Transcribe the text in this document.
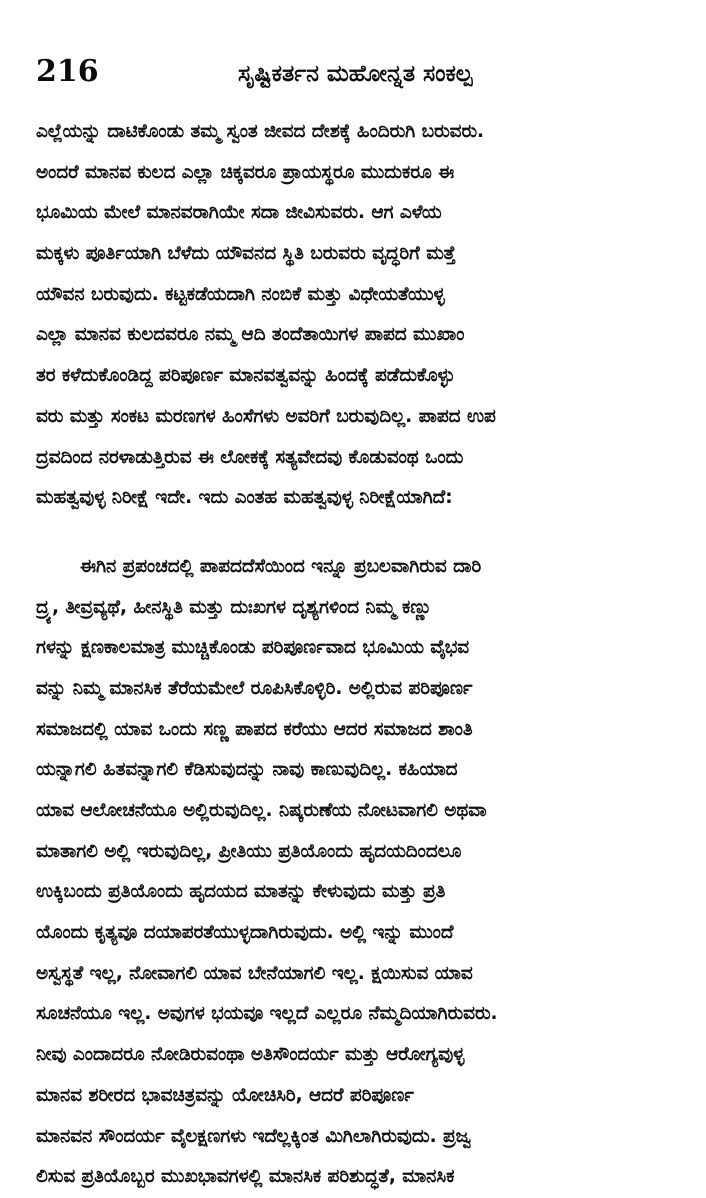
216	ಸೃಷ್ಟಿಕರ್ತನ ಮಹೋನ್ನತ ಸಂಕಲ್ಪ
ಎಲ್ಲೆಯನ್ನು ದಾಟಿಕೊಂಡು ತಮ್ಮ ಸ್ವಂತ ಜೀವದ ದೇಶಕ್ಕೆ ಹಿಂದಿರುಗಿ ಬರುವರು.
ಅಂದರೆ ಮಾನವ ಕುಲದ ಎಲ್ಲಾ ಚಿಕ್ಕವರೂ ಪ್ರಾಯಸ್ಥರೂ ಮುದುಕರೂ ಈ
ಭೂಮಿಯ ಮೇಲೆ ಮಾನವರಾಗಿಯೇ ಸದಾ ಜೀವಿಸುವರು. ಆಗ ಎಳೆಯ
ಮಕ್ಕಳು ಪೂರ್ತಿಯಾಗಿ ಬೆಳೆದು ಯೌವನದ ಸ್ಥಿತಿ ಬರುವರು ವೃದ್ಧರಿಗೆ ಮತ್ತೆ
ಯೌವನ ಬರುವುದು. ಕಟ್ಟಕಡೆಯದಾಗಿ ನಂಬಿಕೆ ಮತ್ತು ವಿಧೇಯತೆಯುಳ್ಳ
ಎಲ್ಲಾ ಮಾನವ ಕುಲದವರೂ ನಮ್ಮ ಆದಿ ತಂದೆತಾಯಿಗಳ ಪಾಪದ ಮುಖಾಂ
ತರ ಕಳೆದುಕೊಂಡಿದ್ದ ಪರಿಪೂರ್ಣ ಮಾನವತ್ವವನ್ನು ಹಿಂದಕ್ಕೆ ಪಡೆದುಕೊಳ್ಳು
ವರು ಮತ್ತು ಸಂಕಟ ಮರಣಗಳ ಹಿಂಸೆಗಳು ಅವರಿಗೆ ಬರುವುದಿಲ್ಲ. ಪಾಪದ ಉಪ
ದ್ರವದಿಂದ ನರಳಾಡುತ್ತಿರುವ ಈ ಲೋಕಕ್ಕೆ ಸತ್ಯವೇದವು ಕೊಡುವಂಥ ಒಂದು
ಮಹತ್ವವುಳ್ಳ ನಿರೀಕ್ಷೆ ಇದೇ. ಇದು ಎಂತಹ ಮಹತ್ವವುಳ್ಳ ನಿರೀಕ್ಷೆಯಾಗಿದೆ:
ಈಗಿನ ಪ್ರಪಂಚದಲ್ಲಿ ಪಾಪದದೆಸೆಯಿಂದ ಇನ್ನೂ ಪ್ರಬಲವಾಗಿರುವ ದಾರಿ
ದ್ರ್ಯ, ತೀವ್ರವ್ಯಥೆ, ಹೀನಸ್ಥಿತಿ ಮತ್ತು ದುಃಖಗಳ ದೃಶ್ಯಗಳಿಂದ ನಿಮ್ಮ ಕಣ್ಣು
ಗಳನ್ನು ಕ್ಷಣಕಾಲಮಾತ್ರ ಮುಚ್ಚಿಕೊಂಡು ಪರಿಪೂರ್ಣವಾದ ಭೂಮಿಯ ವೈಭವ
ವನ್ನು ನಿಮ್ಮ ಮಾನಸಿಕ ತೆರೆಯಮೇಲೆ ರೂಪಿಸಿಕೊಳ್ಳಿರಿ. ಅಲ್ಲಿರುವ ಪರಿಪೂರ್ಣ
ಸಮಾಜದಲ್ಲಿ ಯಾವ ಒಂದು ಸಣ್ಣ ಪಾಪದ ಕರೆಯು ಆದರ ಸಮಾಜದ ಶಾಂತಿ
ಯನ್ನಾಗಲಿ ಹಿತವನ್ನಾಗಲಿ ಕೆಡಿಸುವುದನ್ನು ನಾವು ಕಾಣುವುದಿಲ್ಲ. ಕಹಿಯಾದ
ಯಾವ ಆಲೋಚನೆಯೂ ಅಲ್ಲಿರುವುದಿಲ್ಲ. ನಿಷ್ಕರುಣೆಯ ನೋಟವಾಗಲಿ ಅಥವಾ
ಮಾತಾಗಲಿ ಅಲ್ಲಿ ಇರುವುದಿಲ್ಲ, ಪ್ರೀತಿಯು ಪ್ರತಿಯೊಂದು ಹೃದಯದಿಂದಲೂ
ಉಕ್ಕಿಬಂದು ಪ್ರತಿಯೊಂದು ಹೃದಯದ ಮಾತನ್ನು ಕೇಳುವುದು ಮತ್ತು ಪ್ರತಿ
ಯೊಂದು ಕೃತ್ಯವೂ ದಯಾಪರತೆಯುಳ್ಳದಾಗಿರುವುದು. ಅಲ್ಲಿ ಇನ್ನು ಮುಂದೆ
ಅಸ್ವಸ್ಥತೆ ಇಲ್ಲ, ನೋವಾಗಲಿ ಯಾವ ಬೇನೆಯಾಗಲಿ ಇಲ್ಲ. ಕ್ಷಯಿಸುವ ಯಾವ
ಸೂಚನೆಯೂ ಇಲ್ಲ. ಅವುಗಳ ಭಯವೂ ಇಲ್ಲದೆ ಎಲ್ಲರೂ ನೆಮ್ಮದಿಯಾಗಿರುವರು.
ನೀವು ಎಂದಾದರೂ ನೋಡಿರುವಂಥಾ ಅತಿಸೌಂದರ್ಯ ಮತ್ತು ಆರೋಗ್ಯವುಳ್ಳ
ಮಾನವ ಶರೀರದ ಭಾವಚಿತ್ರವನ್ನು ಯೋಚಿಸಿರಿ, ಆದರೆ ಪರಿಪೂರ್ಣ
ಮಾನವನ ಸೌಂದರ್ಯ ವೈಲಕ್ಷಣಗಳು ಇದೆಲ್ಲಕ್ಕಿಂತ ಮಿಗಿಲಾಗಿರುವುದು. ಪ್ರಜ್ವ
ಲಿಸುವ ಪ್ರತಿಯೊಬ್ಬರ ಮುಖಭಾವಗಳಲ್ಲಿ ಮಾನಸಿಕ ಪರಿಶುದ್ಧತೆ, ಮಾನಸಿಕ
